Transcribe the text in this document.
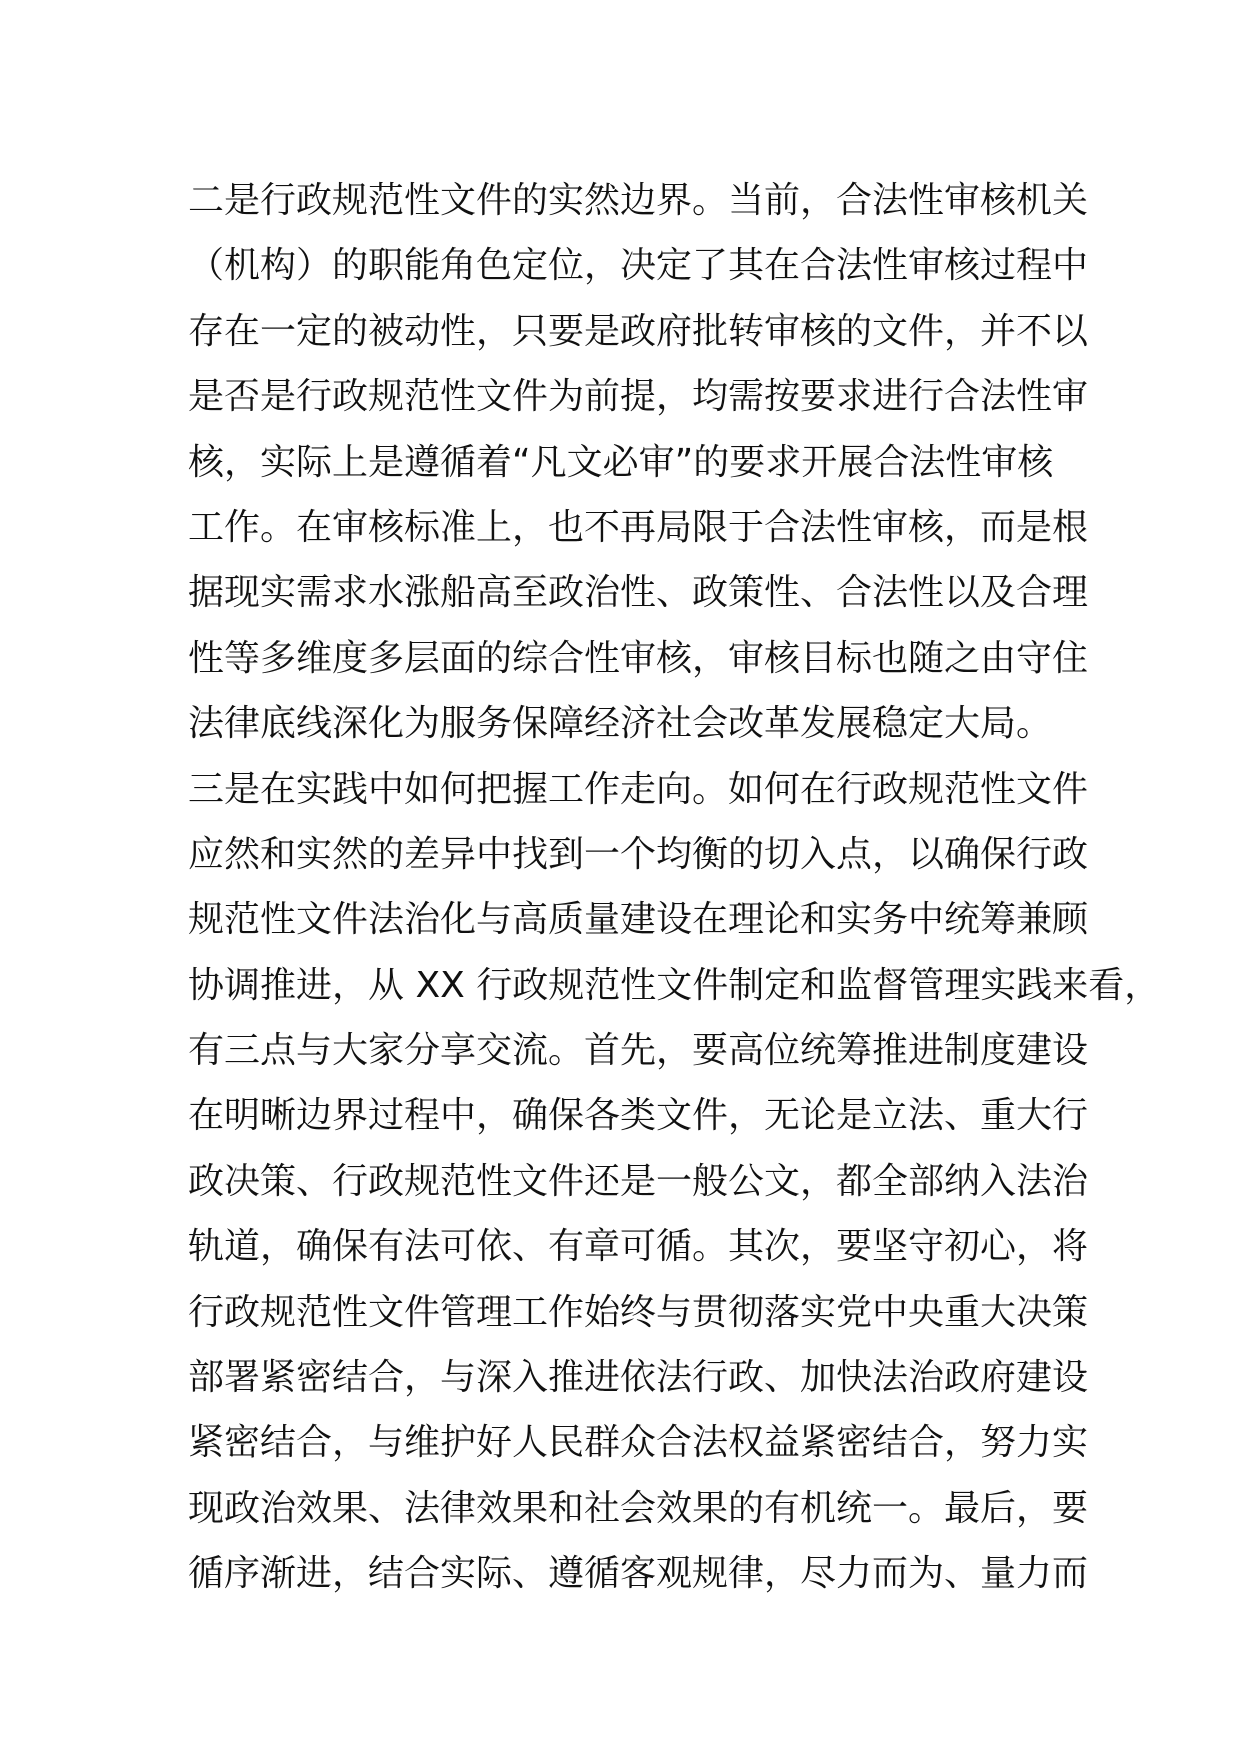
二是行政规范性文件的实然边界。当前，合法性审核机关
（机构）的职能角色定位，决定了其在合法性审核过程中
存在一定的被动性，只要是政府批转审核的文件，并不以
是否是行政规范性文件为前提，均需按要求进行合法性审
核，实际上是遵循着“凡文必审”的要求开展合法性审核
工作。在审核标准上，也不再局限于合法性审核，而是根
据现实需求水涨船高至政治性、政策性、合法性以及合理
性等多维度多层面的综合性审核，审核目标也随之由守住
法律底线深化为服务保障经济社会改革发展稳定大局。
三是在实践中如何把握工作走向。如何在行政规范性文件
应然和实然的差异中找到一个均衡的切入点，以确保行政
规范性文件法治化与高质量建设在理论和实务中统筹兼顾
协调推进，从 XX 行政规范性文件制定和监督管理实践来看，
有三点与大家分享交流。首先，要高位统筹推进制度建设
在明晰边界过程中，确保各类文件，无论是立法、重大行
政决策、行政规范性文件还是一般公文，都全部纳入法治
轨道，确保有法可依、有章可循。其次，要坚守初心，将
行政规范性文件管理工作始终与贯彻落实党中央重大决策
部署紧密结合，与深入推进依法行政、加快法治政府建设
紧密结合，与维护好人民群众合法权益紧密结合，努力实
现政治效果、法律效果和社会效果的有机统一。最后，要
循序渐进，结合实际、遵循客观规律，尽力而为、量力而
